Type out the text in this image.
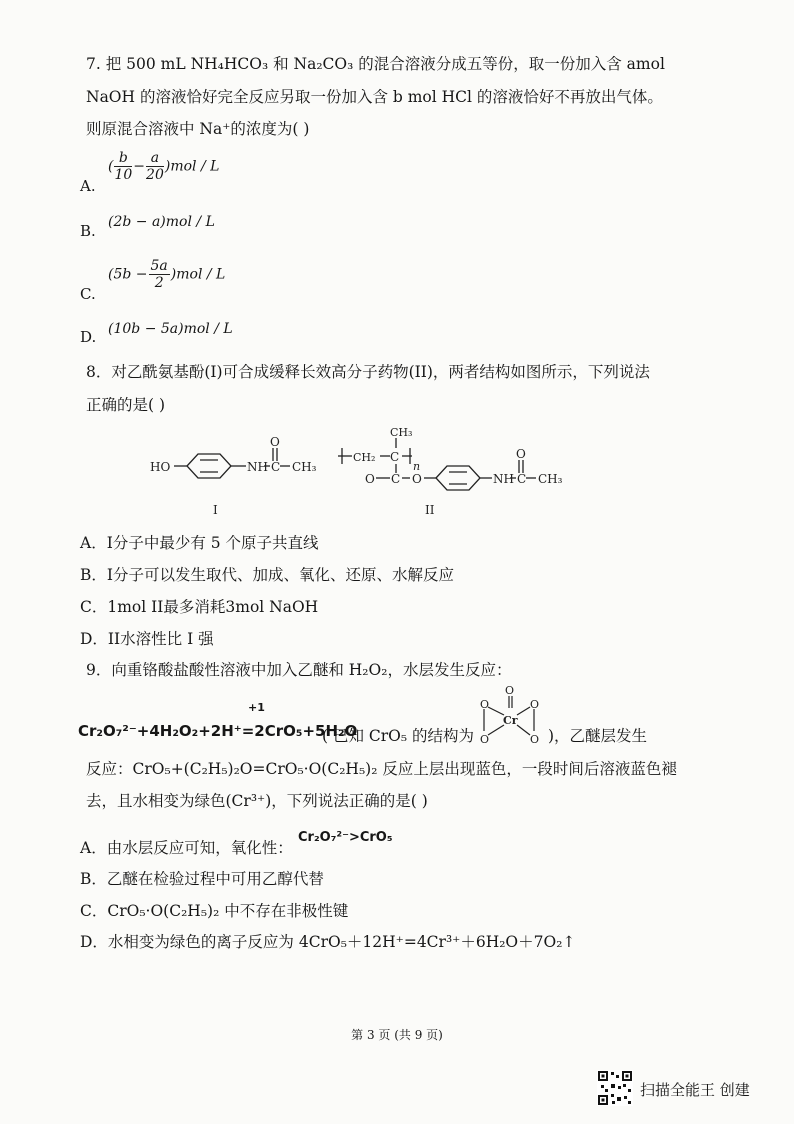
7. 把 500 mL NH₄HCO₃ 和 Na₂CO₃ 的混合溶液分成五等份，取一份加入含 amol
NaOH 的溶液恰好完全反应另取一份加入含 b mol HCl 的溶液恰好不再放出气体。
则原混合溶液中 Na⁺的浓度为( )
A.
( $\frac{b}{10} - \frac{a}{20} )mol / L$
B. (2b − a)mol / L
C.
$(5b - \frac{5a}{2} )mol / L$
D. (10b − 5a)mol / L
8．对乙酰氨基酚(I)可合成缓释长效高分子药物(II)，两者结构如图所示，下列说法
正确的是( )
HO	NH C
O
CH₃
I
CH₂ C
CH₃
n
O C O	NH C
O
CH₃
II
A．I分子中最少有 5 个原子共直线
B．I分子可以发生取代、加成、氧化、还原、水解反应
C．1mol II最多消耗3mol NaOH
D．II水溶性比 I 强
9．向重铬酸盐酸性溶液中加入乙醚和 H₂O₂，水层发生反应：
+1
Cr₂O₇²⁻+4H₂O₂+2H⁺=2CrO₅+5H₂O
( 已知 CrO₅ 的结构为
O
Cr
O	O
O	O )，乙醚层发生
反应：CrO₅+(C₂H₅)₂O=CrO₅·O(C₂H₅)₂ 反应上层出现蓝色，一段时间后溶液蓝色褪
去，且水相变为绿色(Cr³⁺)，下列说法正确的是( )
A．由水层反应可知，氧化性：
Cr₂O₇²⁻>CrO₅
B．乙醚在检验过程中可用乙醇代替
C．CrO₅·O(C₂H₅)₂ 中不存在非极性键
D．水相变为绿色的离子反应为 4CrO₅＋12H⁺=4Cr³⁺＋6H₂O＋7O₂↑
第 3 页 (共 9 页)
扫描全能王 创建
